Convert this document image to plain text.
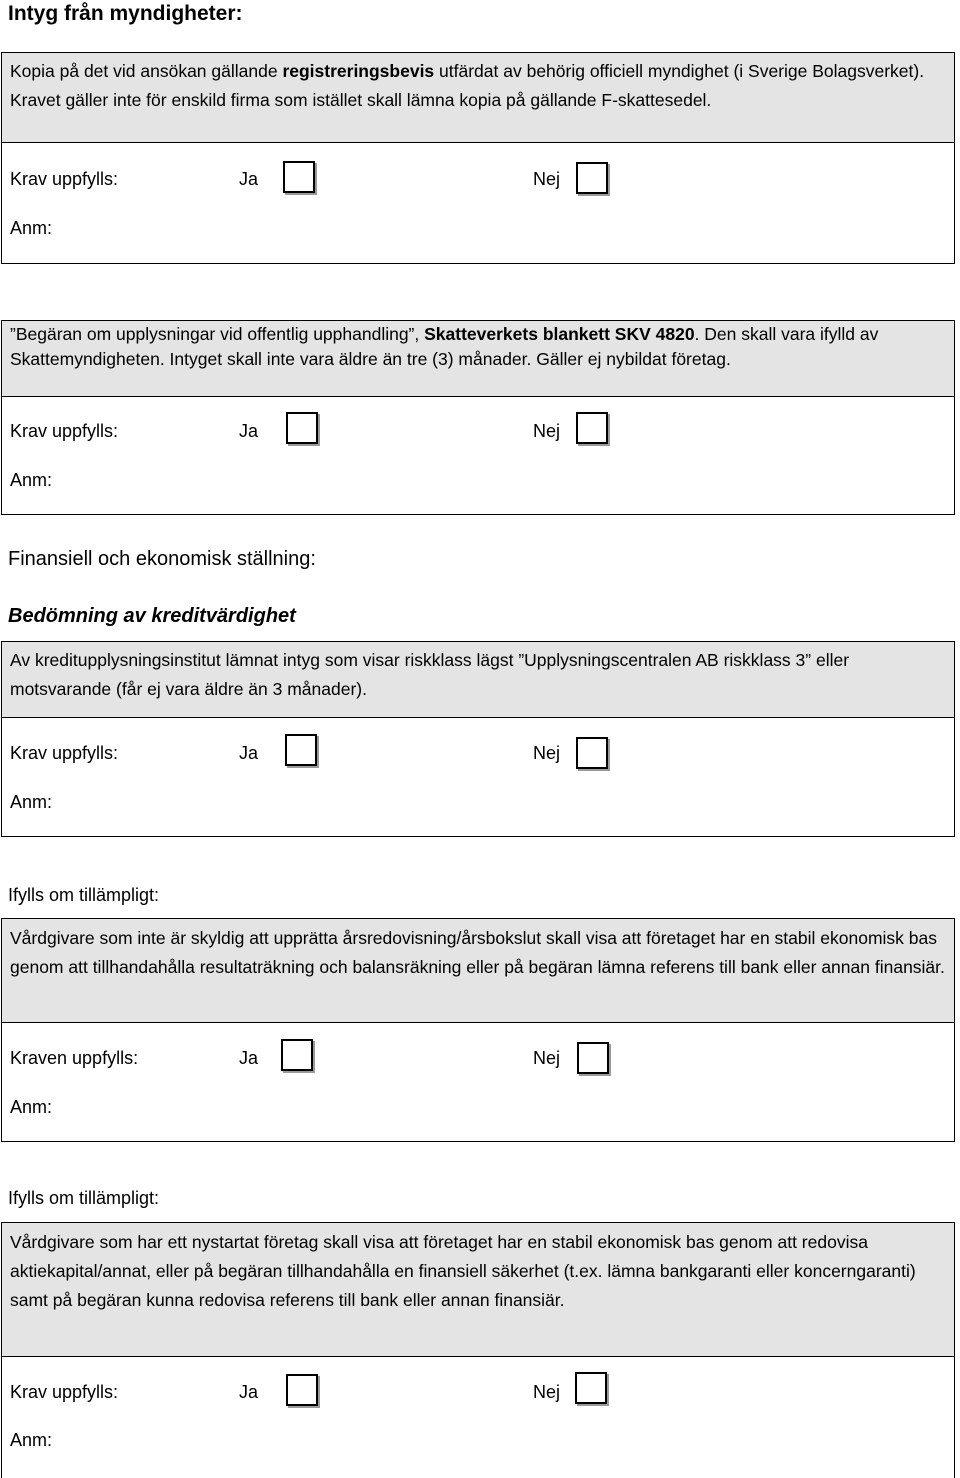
Intyg från myndigheter:
Kopia på det vid ansökan gällande registreringsbevis utfärdat av behörig officiell myndighet (i Sverige Bolagsverket). Kravet gäller inte för enskild firma som istället skall lämna kopia på gällande F-skattesedel.
Krav uppfylls:	Ja	Nej
Anm:
”Begäran om upplysningar vid offentlig upphandling”, Skatteverkets blankett SKV 4820. Den skall vara ifylld av Skattemyndigheten. Intyget skall inte vara äldre än tre (3) månader. Gäller ej nybildat företag.
Krav uppfylls:	Ja	Nej
Anm:
Finansiell och ekonomisk ställning:
Bedömning av kreditvärdighet
Av kreditupplysningsinstitut lämnat intyg som visar riskklass lägst ”Upplysningscentralen AB riskklass 3” eller motsvarande (får ej vara äldre än 3 månader).
Krav uppfylls:	Ja	Nej
Anm:
Ifylls om tillämpligt:
Vårdgivare som inte är skyldig att upprätta årsredovisning/årsbokslut skall visa att företaget har en stabil ekonomisk bas genom att tillhandahålla resultaträkning och balansräkning eller på begäran lämna referens till bank eller annan finansiär.
Kraven uppfylls:	Ja	Nej
Anm:
Ifylls om tillämpligt:
Vårdgivare som har ett nystartat företag skall visa att företaget har en stabil ekonomisk bas genom att redovisa aktiekapital/annat, eller på begäran tillhandahålla en finansiell säkerhet (t.ex. lämna bankgaranti eller koncerngaranti) samt på begäran kunna redovisa referens till bank eller annan finansiär.
Krav uppfylls:	Ja	Nej
Anm:
